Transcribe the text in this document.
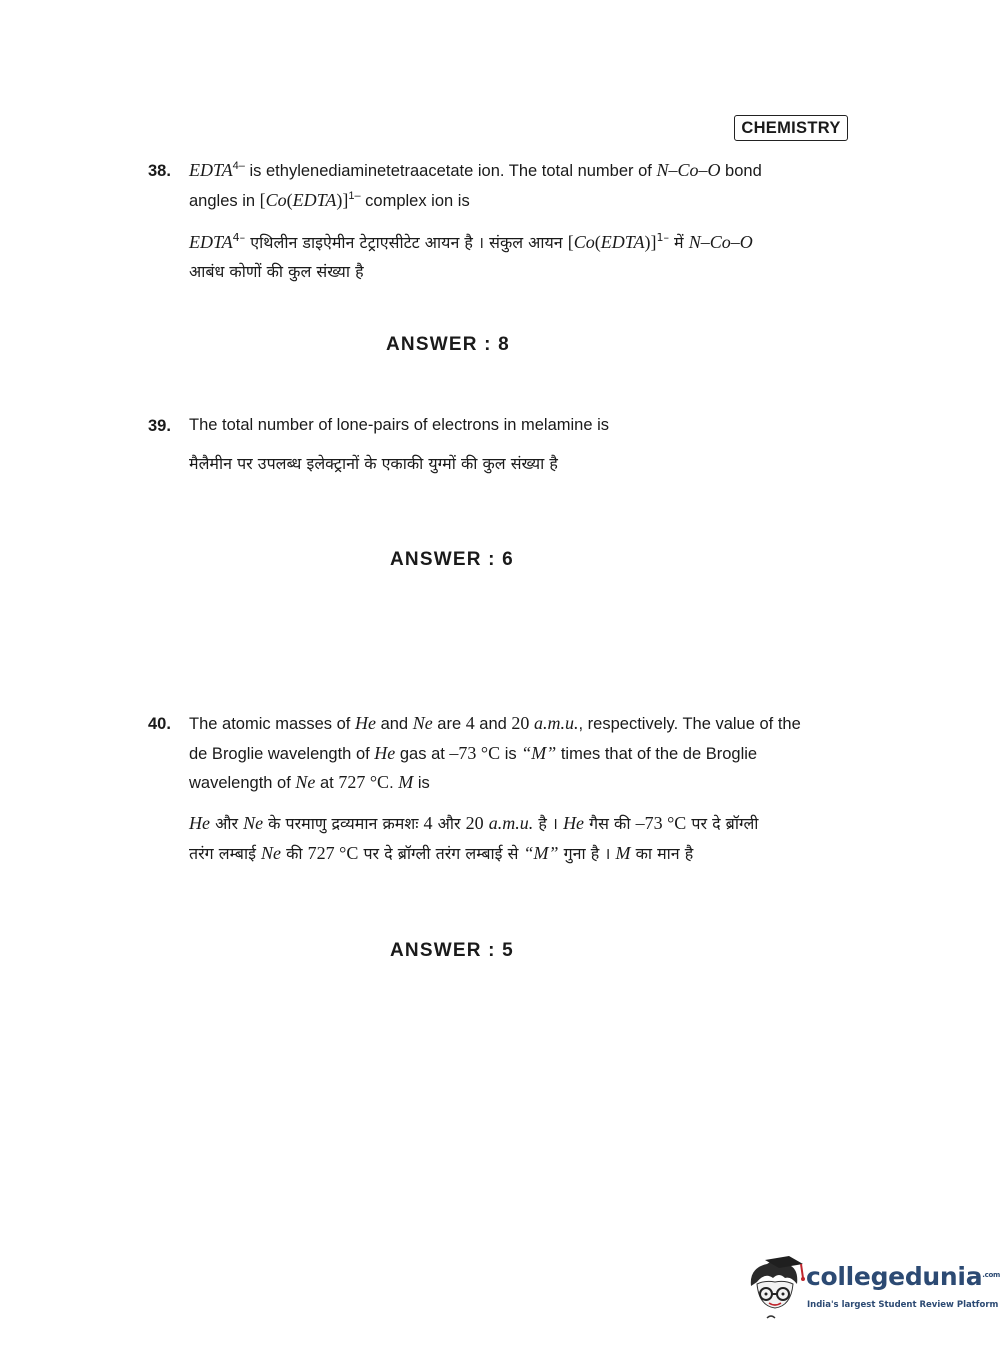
CHEMISTRY
38. $EDTA^{4-}$ is ethylenediaminetetraacetate ion. The total number of N–Co–O bond
angles in [Co(EDTA)]$^{1-}$ complex ion is
$EDTA^{4-}$ एथिलीन डाइऐमीन टेट्राएसीटेट आयन है । संकुल आयन [Co(EDTA)]$^{1-}$ में N–Co–O
आबंध कोणों की कुल संख्या है
ANSWER : 8
39. The total number of lone-pairs of electrons in melamine is
मैलैमीन पर उपलब्ध इलेक्ट्रानों के एकाकी युग्मों की कुल संख्या है
ANSWER : 6
40. The atomic masses of He and Ne are 4 and 20 a.m.u., respectively. The value of the
de Broglie wavelength of He gas at –73 °C is “M” times that of the de Broglie
wavelength of Ne at 727 °C. M is
He और Ne के परमाणु द्रव्यमान क्रमशः 4 और 20 a.m.u. है । He गैस की –73 °C पर दे ब्रॉग्ली
तरंग लम्बाई Ne की 727 °C पर दे ब्रॉग्ली तरंग लम्बाई से “M” गुना है । M का मान है
ANSWER : 5
collegedunia$^{.com}$
India's largest Student Review Platform
